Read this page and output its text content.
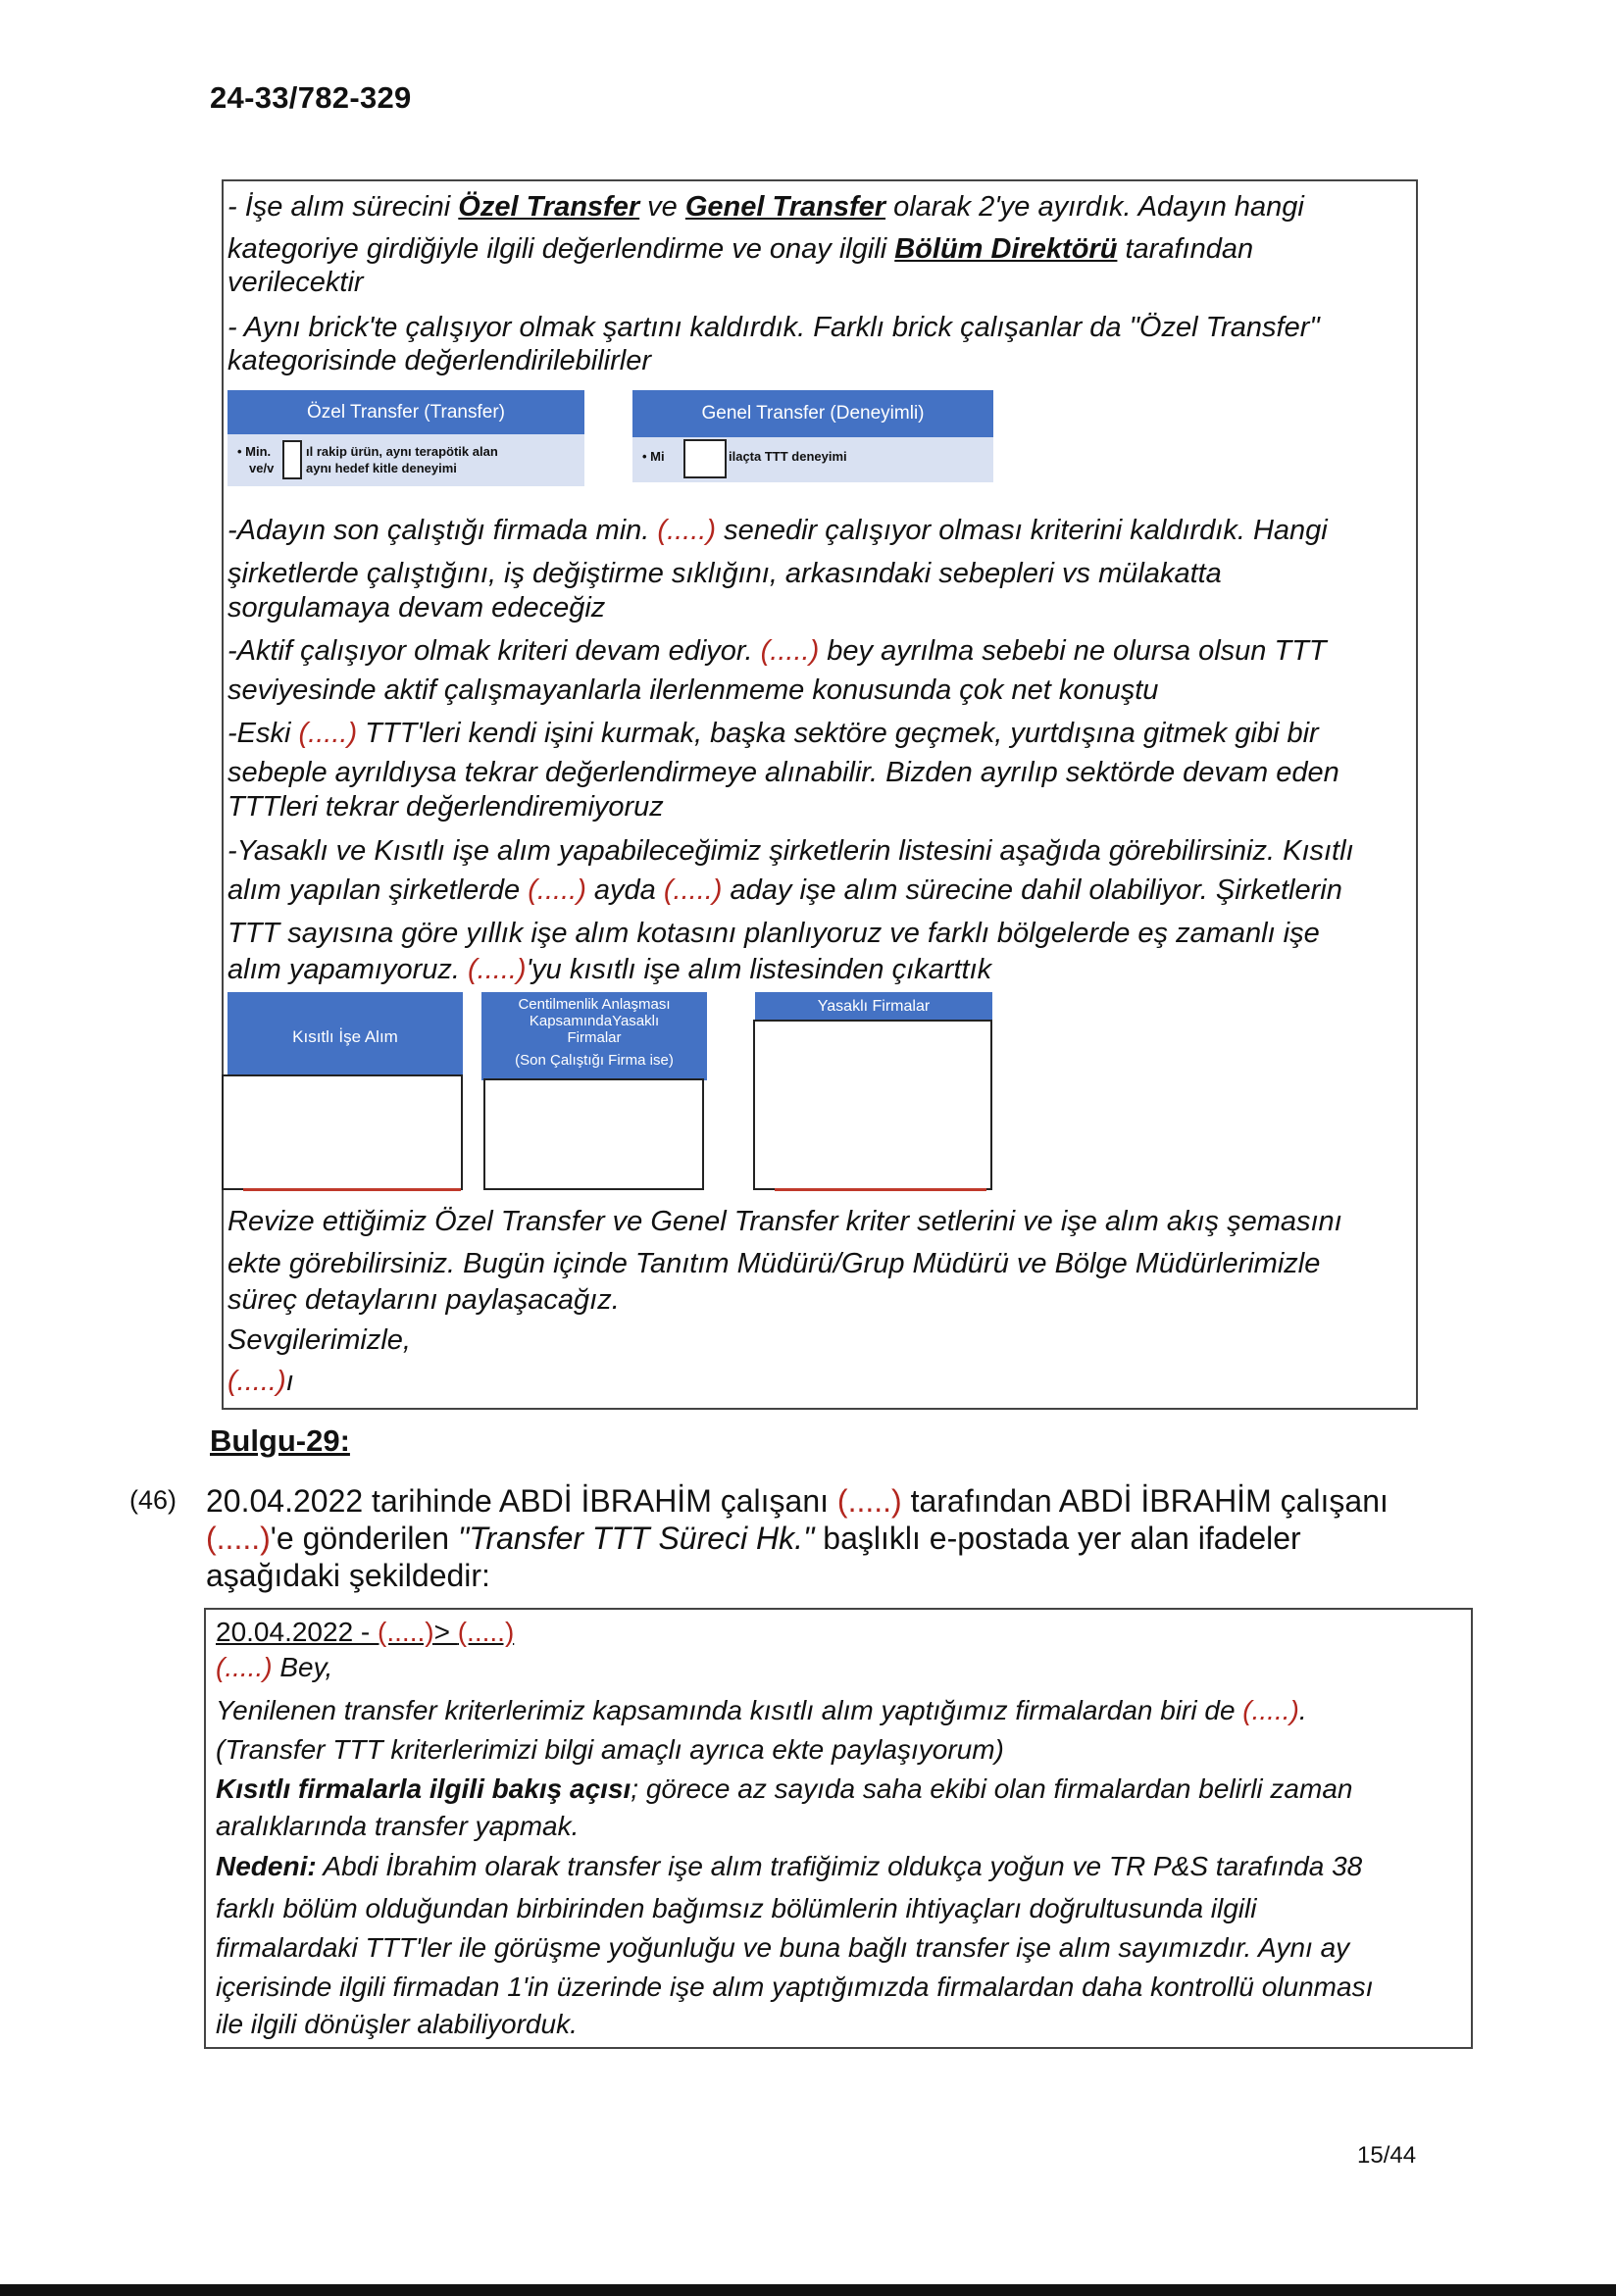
24-33/782-329
- İşe alım sürecini Özel Transfer ve Genel Transfer olarak 2'ye ayırdık. Adayın hangi
kategoriye girdiğiyle ilgili değerlendirme ve onay ilgili Bölüm Direktörü tarafından
verilecektir
- Aynı brick'te çalışıyor olmak şartını kaldırdık. Farklı brick çalışanlar da "Özel Transfer"
kategorisinde değerlendirilebilirler
Özel Transfer (Transfer)
• Min.	ıl rakip ürün, aynı terapötik alan
ve/v	aynı hedef kitle deneyimi
Genel Transfer (Deneyimli)
• Mi	ilaçta TTT deneyimi
-Adayın son çalıştığı firmada min. (.....) senedir çalışıyor olması kriterini kaldırdık. Hangi
şirketlerde çalıştığını, iş değiştirme sıklığını, arkasındaki sebepleri vs mülakatta
sorgulamaya devam edeceğiz
-Aktif çalışıyor olmak kriteri devam ediyor. (.....) bey ayrılma sebebi ne olursa olsun TTT
seviyesinde aktif çalışmayanlarla ilerlenmeme konusunda çok net konuştu
-Eski (.....) TTT'leri kendi işini kurmak, başka sektöre geçmek, yurtdışına gitmek gibi bir
sebeple ayrıldıysa tekrar değerlendirmeye alınabilir. Bizden ayrılıp sektörde devam eden
TTTleri tekrar değerlendiremiyoruz
-Yasaklı ve Kısıtlı işe alım yapabileceğimiz şirketlerin listesini aşağıda görebilirsiniz. Kısıtlı
alım yapılan şirketlerde (.....) ayda (.....) aday işe alım sürecine dahil olabiliyor. Şirketlerin
TTT sayısına göre yıllık işe alım kotasını planlıyoruz ve farklı bölgelerde eş zamanlı işe
alım yapamıyoruz. (.....)'yu kısıtlı işe alım listesinden çıkarttık
Kısıtlı İşe Alım
Centilmenlik Anlaşması
KapsamındaYasaklı
Firmalar
(Son Çalıştığı Firma ise)
Yasaklı Firmalar
Revize ettiğimiz Özel Transfer ve Genel Transfer kriter setlerini ve işe alım akış şemasını
ekte görebilirsiniz. Bugün içinde Tanıtım Müdürü/Grup Müdürü ve Bölge Müdürlerimizle
süreç detaylarını paylaşacağız.
Sevgilerimizle,
(.....)ı
Bulgu-29:
(46) 20.04.2022 tarihinde ABDİ İBRAHİM çalışanı (.....) tarafından ABDİ İBRAHİM çalışanı
(.....)'e gönderilen "Transfer TTT Süreci Hk." başlıklı e-postada yer alan ifadeler
aşağıdaki şekildedir:
20.04.2022 - (.....)> (.....)
(.....) Bey,
Yenilenen transfer kriterlerimiz kapsamında kısıtlı alım yaptığımız firmalardan biri de (.....).
(Transfer TTT kriterlerimizi bilgi amaçlı ayrıca ekte paylaşıyorum)
Kısıtlı firmalarla ilgili bakış açısı; görece az sayıda saha ekibi olan firmalardan belirli zaman
aralıklarında transfer yapmak.
Nedeni: Abdi İbrahim olarak transfer işe alım trafiğimiz oldukça yoğun ve TR P&S tarafında 38
farklı bölüm olduğundan birbirinden bağımsız bölümlerin ihtiyaçları doğrultusunda ilgili
firmalardaki TTT'ler ile görüşme yoğunluğu ve buna bağlı transfer işe alım sayımızdır. Aynı ay
içerisinde ilgili firmadan 1'in üzerinde işe alım yaptığımızda firmalardan daha kontrollü olunması
ile ilgili dönüşler alabiliyorduk.
15/44
